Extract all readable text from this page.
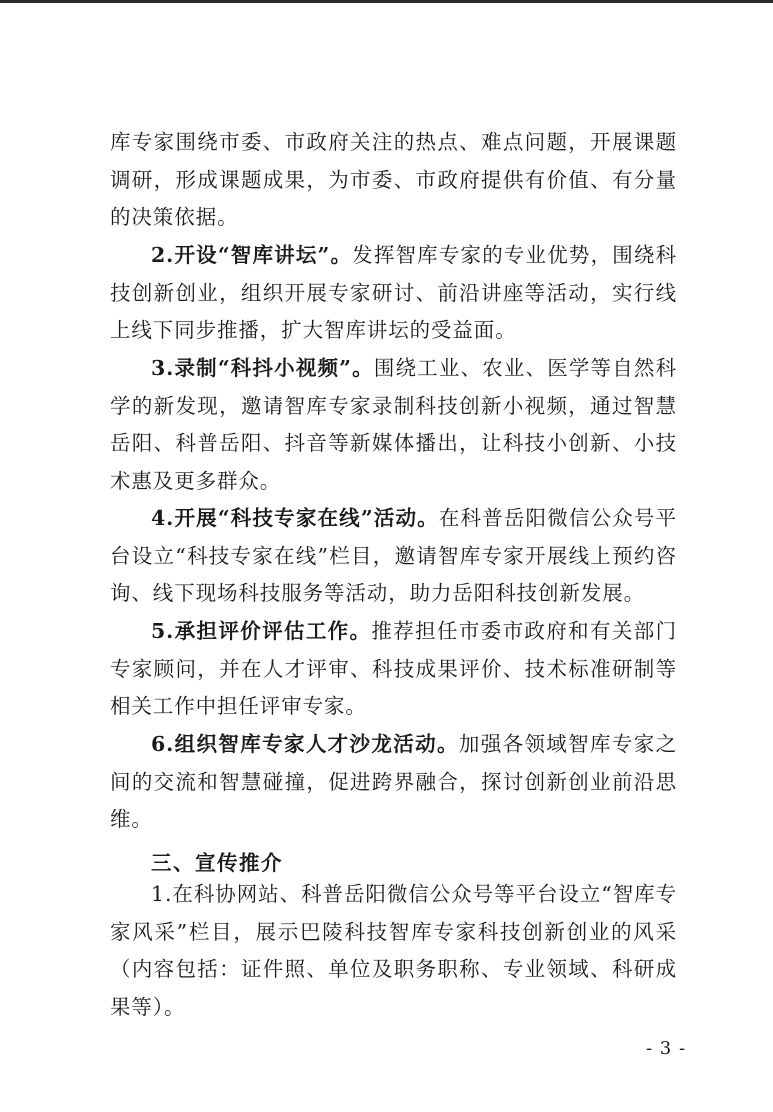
库专家围绕市委、市政府关注的热点、难点问题，开展课题调研，形成课题成果，为市委、市政府提供有价值、有分量的决策依据。

2.开设“智库讲坛”。发挥智库专家的专业优势，围绕科技创新创业，组织开展专家研讨、前沿讲座等活动，实行线上线下同步推播，扩大智库讲坛的受益面。

3.录制“科抖小视频”。围绕工业、农业、医学等自然科学的新发现，邀请智库专家录制科技创新小视频，通过智慧岳阳、科普岳阳、抖音等新媒体播出，让科技小创新、小技术惠及更多群众。

4.开展“科技专家在线”活动。在科普岳阳微信公众号平台设立“科技专家在线”栏目，邀请智库专家开展线上预约咨询、线下现场科技服务等活动，助力岳阳科技创新发展。

5.承担评价评估工作。推荐担任市委市政府和有关部门专家顾问，并在人才评审、科技成果评价、技术标准研制等相关工作中担任评审专家。

6.组织智库专家人才沙龙活动。加强各领域智库专家之间的交流和智慧碰撞，促进跨界融合，探讨创新创业前沿思维。

三、宣传推介

1.在科协网站、科普岳阳微信公众号等平台设立“智库专家风采”栏目，展示巴陵科技智库专家科技创新创业的风采（内容包括：证件照、单位及职务职称、专业领域、科研成果等）。

- 3 -
